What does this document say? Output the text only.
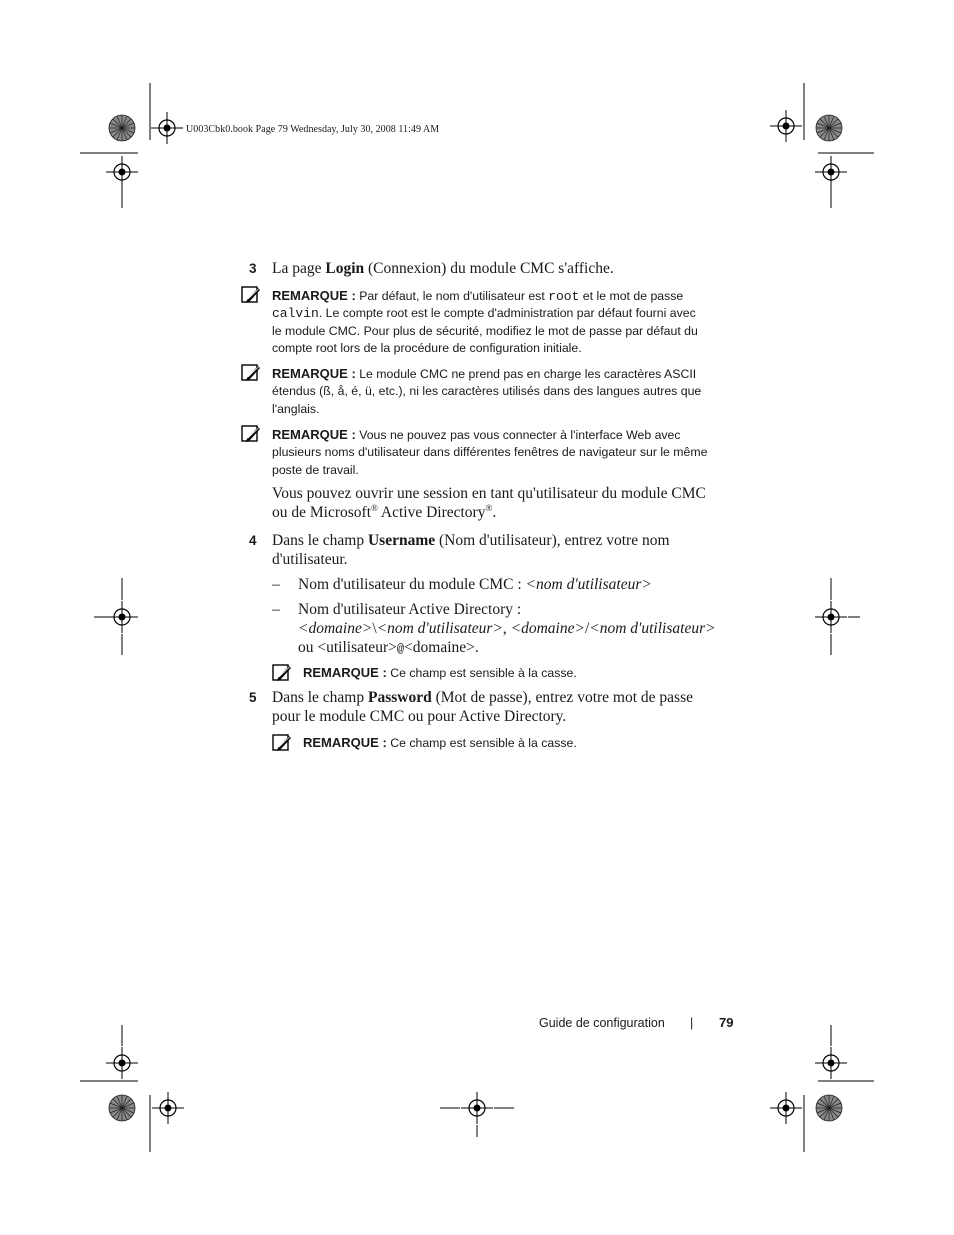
U003Cbk0.book Page 79 Wednesday, July 30, 2008 11:49 AM
3 La page Login (Connexion) du module CMC s'affiche.
REMARQUE : Par défaut, le nom d'utilisateur est root et le mot de passe
calvin. Le compte root est le compte d'administration par défaut fourni avec
le module CMC. Pour plus de sécurité, modifiez le mot de passe par défaut du
compte root lors de la procédure de configuration initiale.
REMARQUE : Le module CMC ne prend pas en charge les caractères ASCII
étendus (ß, å, é, ü, etc.), ni les caractères utilisés dans des langues autres que
l'anglais.
REMARQUE : Vous ne pouvez pas vous connecter à l'interface Web avec
plusieurs noms d'utilisateur dans différentes fenêtres de navigateur sur le même
poste de travail.
Vous pouvez ouvrir une session en tant qu'utilisateur du module CMC
ou de Microsoft® Active Directory®.
4 Dans le champ Username (Nom d'utilisateur), entrez votre nom
d'utilisateur.
– Nom d'utilisateur du module CMC : <nom d'utilisateur>
– Nom d'utilisateur Active Directory :
<domaine>\<nom d'utilisateur>, <domaine>/<nom d'utilisateur>
ou <utilisateur>@<domaine>.
REMARQUE : Ce champ est sensible à la casse.
5 Dans le champ Password (Mot de passe), entrez votre mot de passe
pour le module CMC ou pour Active Directory.
REMARQUE : Ce champ est sensible à la casse.
Guide de configuration | 79
